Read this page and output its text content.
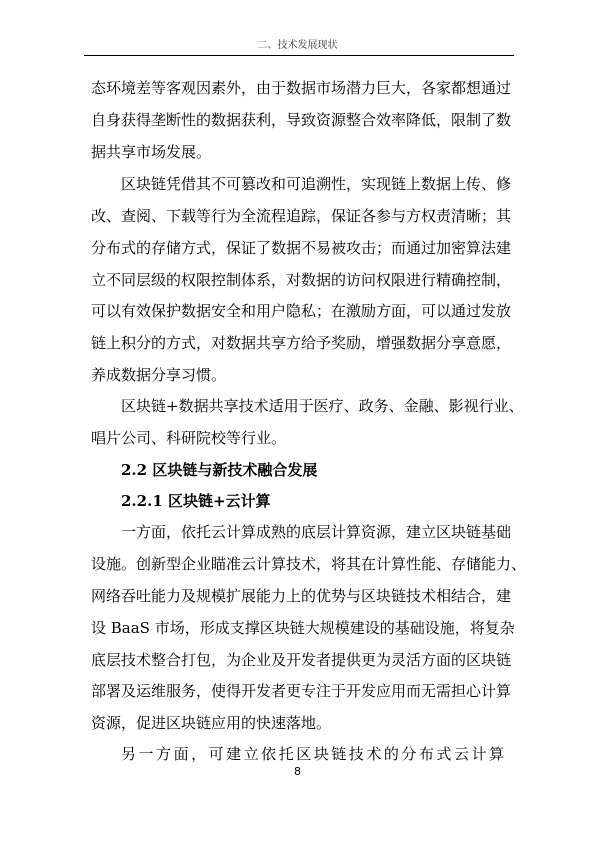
二、技术发展现状
态环境差等客观因素外，由于数据市场潜力巨大，各家都想通过
自身获得垄断性的数据获利，导致资源整合效率降低，限制了数
据共享市场发展。
区块链凭借其不可篡改和可追溯性，实现链上数据上传、修
改、查阅、下载等行为全流程追踪，保证各参与方权责清晰；其
分布式的存储方式，保证了数据不易被攻击；而通过加密算法建
立不同层级的权限控制体系，对数据的访问权限进行精确控制，
可以有效保护数据安全和用户隐私；在激励方面，可以通过发放
链上积分的方式，对数据共享方给予奖励，增强数据分享意愿，
养成数据分享习惯。
区块链+数据共享技术适用于医疗、政务、金融、影视行业、
唱片公司、科研院校等行业。
2.2 区块链与新技术融合发展
2.2.1 区块链+云计算
一方面，依托云计算成熟的底层计算资源，建立区块链基础
设施。创新型企业瞄准云计算技术，将其在计算性能、存储能力、
网络吞吐能力及规模扩展能力上的优势与区块链技术相结合，建
设 BaaS 市场，形成支撑区块链大规模建设的基础设施，将复杂
底层技术整合打包，为企业及开发者提供更为灵活方面的区块链
部署及运维服务，使得开发者更专注于开发应用而无需担心计算
资源，促进区块链应用的快速落地。
另一方面，可建立依托区块链技术的分布式云计算
8
